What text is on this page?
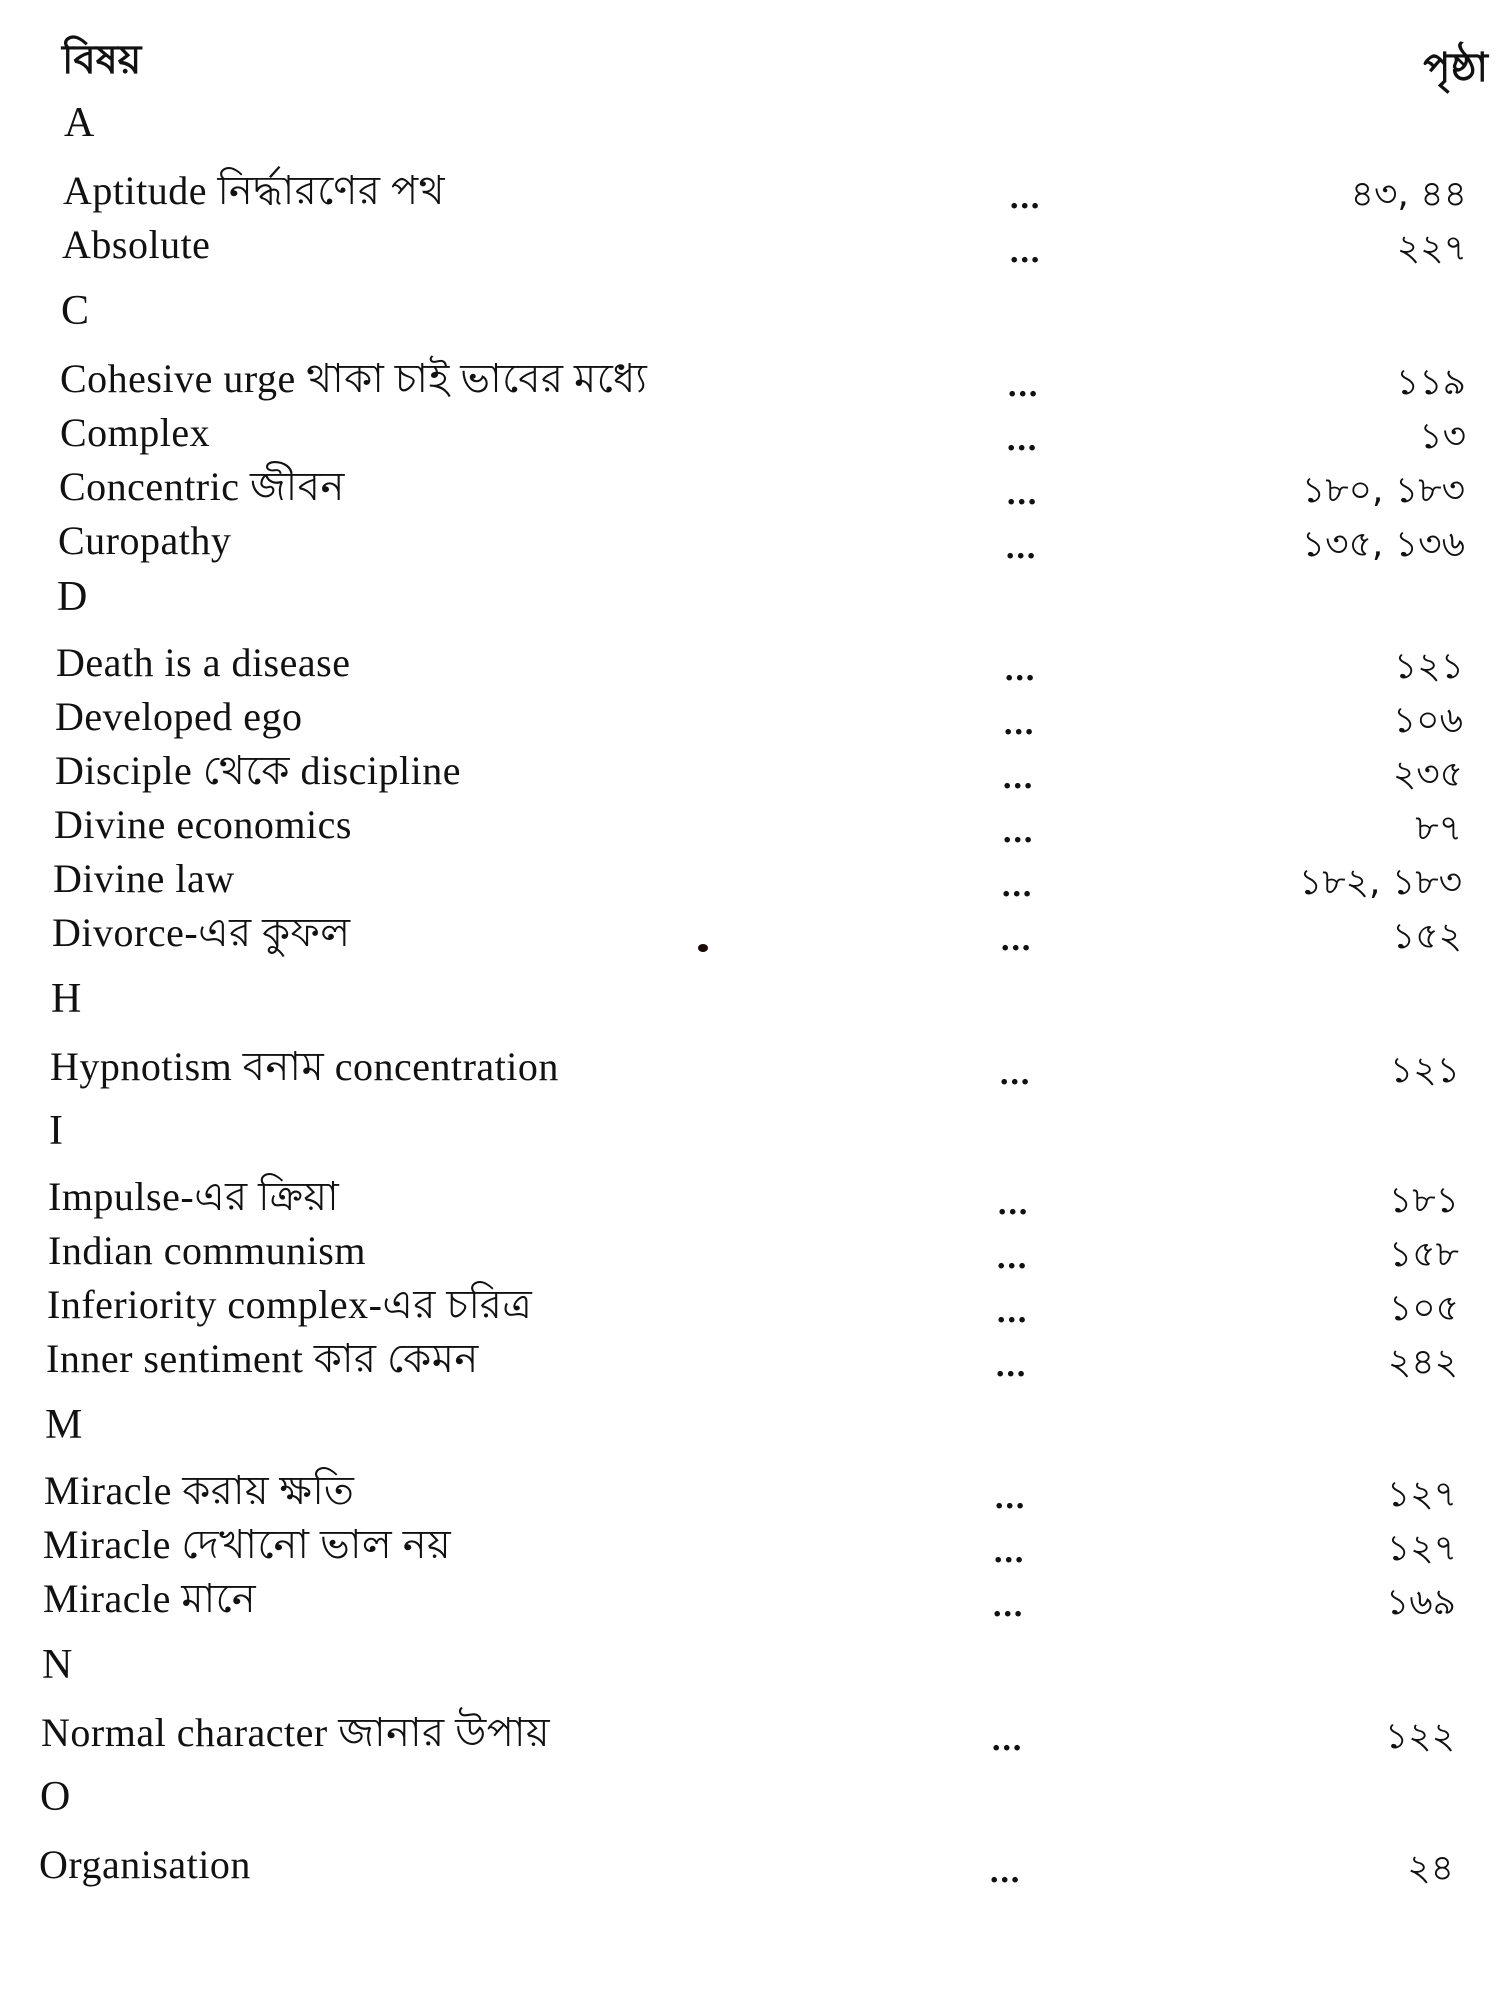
বিষয়	পৃষ্ঠা
A
Aptitude নির্দ্ধারণের পথ	...	৪৩, ৪৪
Absolute	...	২২৭
C
Cohesive urge থাকা চাই ভাবের মধ্যে	...	১১৯
Complex	...	১৩
Concentric জীবন	...	১৮০, ১৮৩
Curopathy	...	১৩৫, ১৩৬
D
Death is a disease	...	১২১
Developed ego	...	১০৬
Disciple থেকে discipline	...	২৩৫
Divine economics	...	৮৭
Divine law	...	১৮২, ১৮৩
Divorce-এর কুফল	...	১৫২
H
Hypnotism বনাম concentration	...	১২১
I
Impulse-এর ক্রিয়া	...	১৮১
Indian communism	...	১৫৮
Inferiority complex-এর চরিত্র	...	১০৫
Inner sentiment কার কেমন	...	২৪২
M
Miracle করায় ক্ষতি	...	১২৭
Miracle দেখানো ভাল নয়	...	১২৭
Miracle মানে	...	১৬৯
N
Normal character জানার উপায়	...	১২২
O
Organisation	...	২৪
